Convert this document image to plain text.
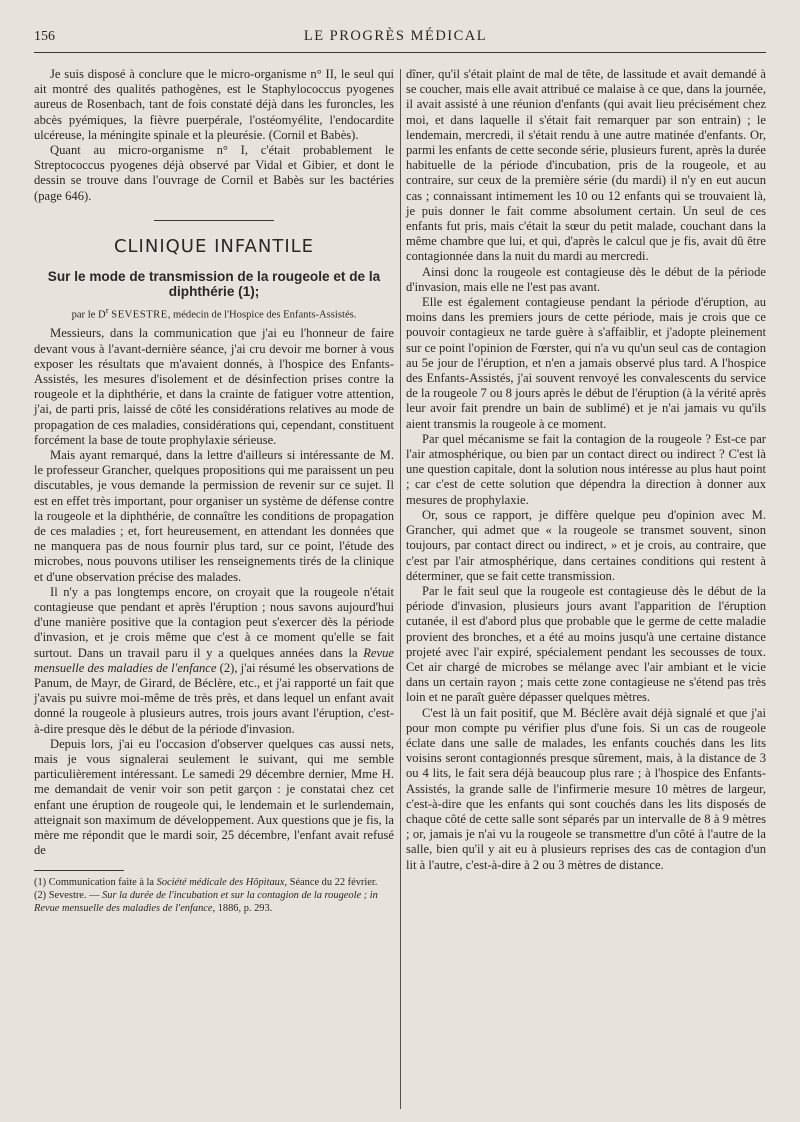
156	LE PROGRÈS MÉDICAL

Je suis disposé à conclure que le micro-organisme n° II, le seul qui ait montré des qualités pathogènes, est le Staphylococcus pyogenes aureus de Rosenbach, tant de fois constaté déjà dans les furoncles, les abcès pyémiques, la fièvre puerpérale, l'ostéomyélite, l'endocardite ulcéreuse, la méningite spinale et la pleurésie. (Cornil et Babès).

Quant au micro-organisme n° I, c'était probablement le Streptococcus pyogenes déjà observé par Vidal et Gibier, et dont le dessin se trouve dans l'ouvrage de Cornil et Babès sur les bactéries (page 646).

CLINIQUE INFANTILE
Sur le mode de transmission de la rougeole et de la diphthérie (1);
par le $D^r$ SEVESTRE, médecin de l'Hospice des Enfants-Assistés.

Messieurs, dans la communication que j'ai eu l'honneur de faire devant vous à l'avant-dernière séance, j'ai cru devoir me borner à vous exposer les résultats que m'avaient donnés, à l'hospice des Enfants-Assistés, les mesures d'isolement et de désinfection prises contre la rougeole et la diphthérie, et dans la crainte de fatiguer votre attention, j'ai, de parti pris, laissé de côté les considérations relatives au mode de propagation de ces maladies, considérations qui, cependant, constituent forcément la base de toute prophylaxie sérieuse.

Mais ayant remarqué, dans la lettre d'ailleurs si intéressante de M. le professeur Grancher, quelques propositions qui me paraissent un peu discutables, je vous demande la permission de revenir sur ce sujet. Il est en effet très important, pour organiser un système de défense contre la rougeole et la diphthérie, de connaître les conditions de propagation de ces maladies ; et, fort heureusement, en attendant les données que ne manquera pas de nous fournir plus tard, sur ce point, l'étude des microbes, nous pouvons utiliser les renseignements tirés de la clinique et d'une observation précise des malades.

Il n'y a pas longtemps encore, on croyait que la rougeole n'était contagieuse que pendant et après l'éruption ; nous savons aujourd'hui d'une manière positive que la contagion peut s'exercer dès la période d'invasion, et je crois même que c'est à ce moment qu'elle se fait surtout. Dans un travail paru il y a quelques années dans la Revue mensuelle des maladies de l'enfance (2), j'ai résumé les observations de Panum, de Mayr, de Girard, de Béclère, etc., et j'ai rapporté un fait que j'avais pu suivre moi-même de très près, et dans lequel un enfant avait donné la rougeole à plusieurs autres, trois jours avant l'éruption, c'est-à-dire presque dès le début de la période d'invasion.

Depuis lors, j'ai eu l'occasion d'observer quelques cas aussi nets, mais je vous signalerai seulement le suivant, qui me semble particulièrement intéressant. Le samedi 29 décembre dernier, Mme H. me demandait de venir voir son petit garçon : je constatai chez cet enfant une éruption de rougeole qui, le lendemain et le surlendemain, atteignait son maximum de développement. Aux questions que je fis, la mère me répondit que le mardi soir, 25 décembre, l'enfant avait refusé de

(1) Communication faite à la Société médicale des Hôpitaux, Séance du 22 février.

(2) Sevestre. — Sur la durée de l'incubation et sur la contagion de la rougeole ; in Revue mensuelle des maladies de l'enfance, 1886, p. 293.

dîner, qu'il s'était plaint de mal de tête, de lassitude et avait demandé à se coucher, mais elle avait attribué ce malaise à ce que, dans la journée, il avait assisté à une réunion d'enfants (qui avait lieu précisément chez moi, et dans laquelle il s'était fait remarquer par son entrain) ; le lendemain, mercredi, il s'était rendu à une autre matinée d'enfants. Or, parmi les enfants de cette seconde série, plusieurs furent, après la durée habituelle de la période d'incubation, pris de la rougeole, et au contraire, sur ceux de la première série (du mardi) il n'y en eut aucun cas ; connaissant intimement les 10 ou 12 enfants qui se trouvaient là, je puis donner le fait comme absolument certain. Un seul de ces enfants fut pris, mais c'était la sœur du petit malade, couchant dans la même chambre que lui, et qui, d'après le calcul que je fis, avait dû être contagionnée dans la nuit du mardi au mercredi.

Ainsi donc la rougeole est contagieuse dès le début de la période d'invasion, mais elle ne l'est pas avant.

Elle est également contagieuse pendant la période d'éruption, au moins dans les premiers jours de cette période, mais je crois que ce pouvoir contagieux ne tarde guère à s'affaiblir, et j'adopte pleinement sur ce point l'opinion de Fœrster, qui n'a vu qu'un seul cas de contagion au 5e jour de l'éruption, et n'en a jamais observé plus tard. A l'hospice des Enfants-Assistés, j'ai souvent renvoyé les convalescents du service de la rougeole 7 ou 8 jours après le début de l'éruption (à la vérité après leur avoir fait prendre un bain de sublimé) et je n'ai jamais vu qu'ils aient transmis la rougeole à ce moment.

Par quel mécanisme se fait la contagion de la rougeole ? Est-ce par l'air atmosphérique, ou bien par un contact direct ou indirect ? C'est là une question capitale, dont la solution nous intéresse au plus haut point ; car c'est de cette solution que dépendra la direction à donner aux mesures de prophylaxie.

Or, sous ce rapport, je diffère quelque peu d'opinion avec M. Grancher, qui admet que « la rougeole se transmet souvent, sinon toujours, par contact direct ou indirect, » et je crois, au contraire, que c'est par l'air atmosphérique, dans certaines conditions qui restent à déterminer, que se fait cette transmission.

Par le fait seul que la rougeole est contagieuse dès le début de la période d'invasion, plusieurs jours avant l'apparition de l'éruption cutanée, il est d'abord plus que probable que le germe de cette maladie provient des bronches, et a été au moins jusqu'à une certaine distance projeté avec l'air expiré, spécialement pendant les secousses de toux. Cet air chargé de microbes se mélange avec l'air ambiant et le vicie dans un certain rayon ; mais cette zone contagieuse ne s'étend pas très loin et ne paraît guère dépasser quelques mètres.

C'est là un fait positif, que M. Béclère avait déjà signalé et que j'ai pour mon compte pu vérifier plus d'une fois. Si un cas de rougeole éclate dans une salle de malades, les enfants couchés dans les lits voisins seront contagionnés presque sûrement, mais, à la distance de 3 ou 4 lits, le fait sera déjà beaucoup plus rare ; à l'hospice des Enfants-Assistés, la grande salle de l'infirmerie mesure 10 mètres de largeur, c'est-à-dire que les enfants qui sont couchés dans les lits disposés de chaque côté de cette salle sont séparés par un intervalle de 8 à 9 mètres ; or, jamais je n'ai vu la rougeole se transmettre d'un côté à l'autre de la salle, bien qu'il y ait eu à plusieurs reprises des cas de contagion d'un lit à l'autre, c'est-à-dire à 2 ou 3 mètres de distance.
